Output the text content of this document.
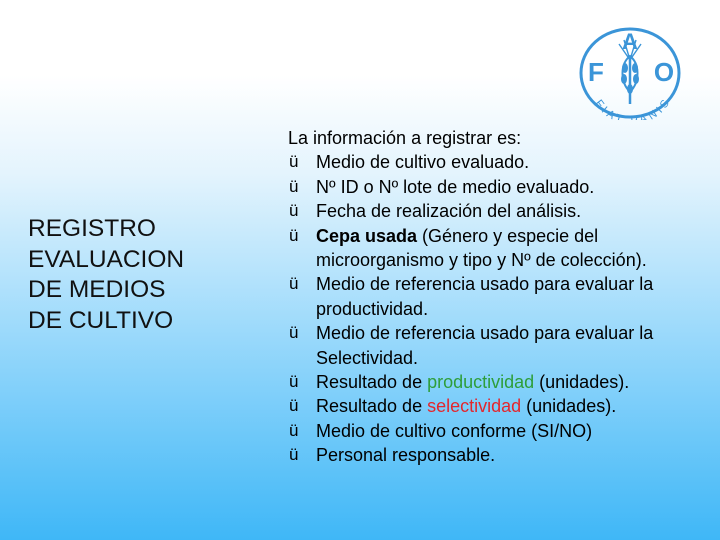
A
F O
FIAT ANIS
REGISTRO
EVALUACION
DE MEDIOS
DE CULTIVO

La información a registrar es:

ü Medio de cultivo evaluado.
ü Nº ID o Nº lote de medio evaluado.
ü Fecha de realización del análisis.
ü Cepa usada (Género y especie del microorganismo y tipo y Nº de colección).
ü Medio de referencia usado para evaluar la productividad.
ü Medio de referencia usado para evaluar la Selectividad.
ü Resultado de productividad (unidades).
ü Resultado de selectividad (unidades).
ü Medio de cultivo conforme (SI/NO)
ü Personal responsable.
